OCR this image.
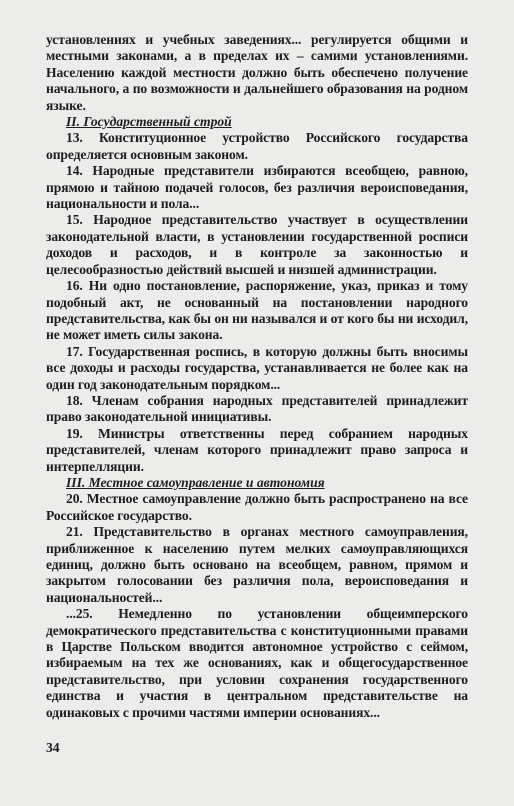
установлениях и учебных заведениях... регулируется общими и местными законами, а в пределах их – самими установлениями. Населению каждой местности должно быть обеспечено получение начального, а по возможности и дальнейшего образования на родном языке.

II. Государственный строй

13. Конституционное устройство Российского государства определяется основным законом.

14. Народные представители избираются всеобщею, равною, прямою и тайною подачей голосов, без различия вероисповедания, национальности и пола...

15. Народное представительство участвует в осуществлении законодательной власти, в установлении государственной росписи доходов и расходов, и в контроле за законностью и целесообразностью действий высшей и низшей администрации.

16. Ни одно постановление, распоряжение, указ, приказ и тому подобный акт, не основанный на постановлении народного представительства, как бы он ни назывался и от кого бы ни исходил, не может иметь силы закона.

17. Государственная роспись, в которую должны быть вносимы все доходы и расходы государства, устанавливается не более как на один год законодательным порядком...

18. Членам собрания народных представителей принадлежит право законодательной инициативы.

19. Министры ответственны перед собранием народных представителей, членам которого принадлежит право запроса и интерпелляции.

III. Местное самоуправление и автономия

20. Местное самоуправление должно быть распространено на все Российское государство.

21. Представительство в органах местного самоуправления, приближенное к населению путем мелких самоуправляющихся единиц, должно быть основано на всеобщем, равном, прямом и закрытом голосовании без различия пола, вероисповедания и национальностей...

...25. Немедленно по установлении общеимперского демократического представительства с конституционными правами в Царстве Польском вводится автономное устройство с сеймом, избираемым на тех же основаниях, как и общегосударственное представительство, при условии сохранения государственного единства и участия в центральном представительстве на одинаковых с прочими частями империи основаниях...

34
